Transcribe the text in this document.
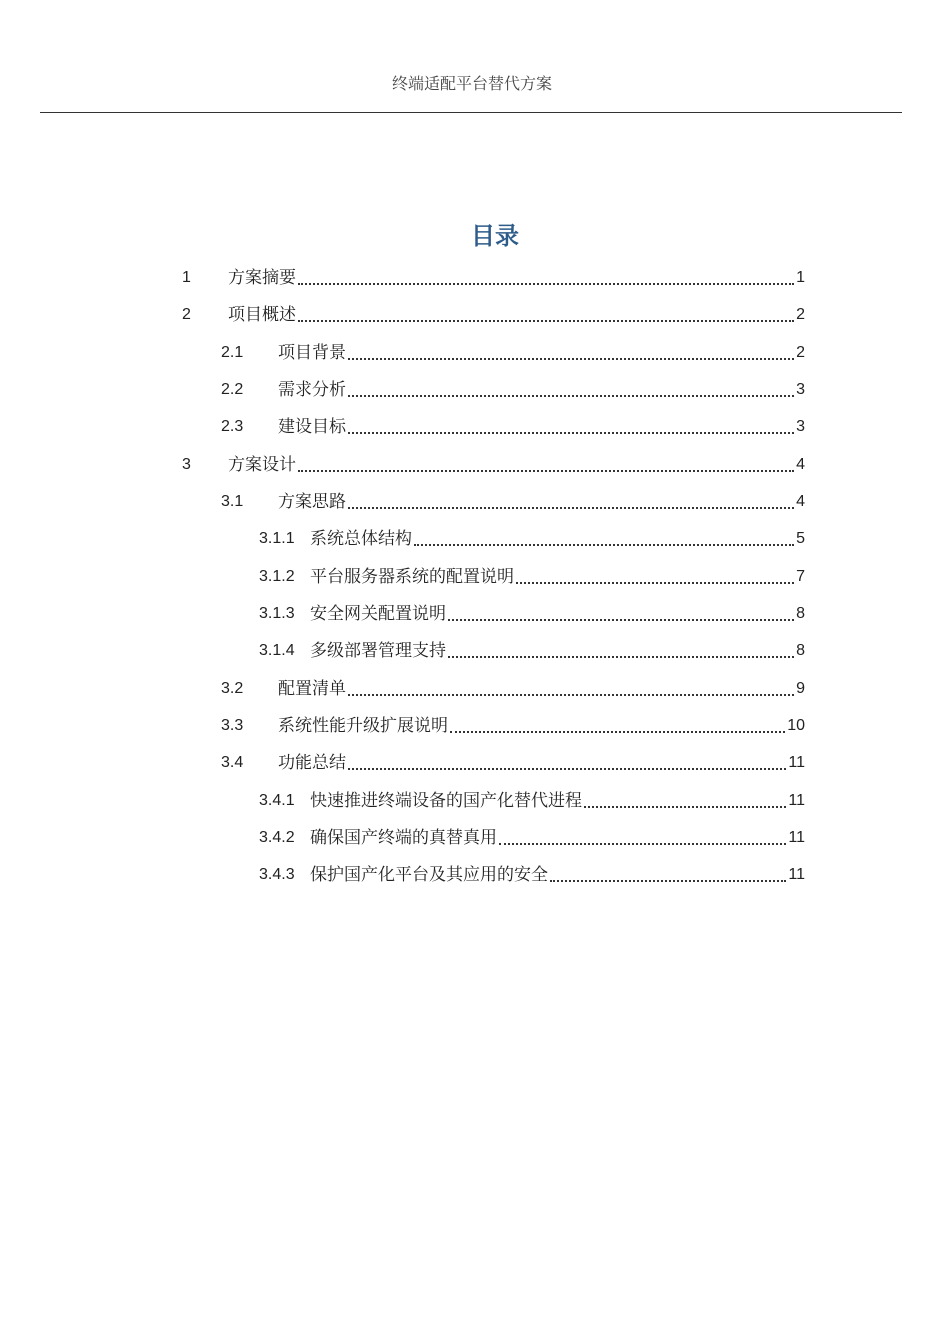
终端适配平台替代方案
目录
1	方案摘要	1
2	项目概述	2
2.1	项目背景	2
2.2	需求分析	3
2.3	建设目标	3
3	方案设计	4
3.1	方案思路	4
3.1.1 系统总体结构	5
3.1.2 平台服务器系统的配置说明	7
3.1.3 安全网关配置说明	8
3.1.4 多级部署管理支持	8
3.2	配置清单	9
3.3	系统性能升级扩展说明	10
3.4	功能总结	11
3.4.1 快速推进终端设备的国产化替代进程	11
3.4.2 确保国产终端的真替真用	11
3.4.3 保护国产化平台及其应用的安全	11
